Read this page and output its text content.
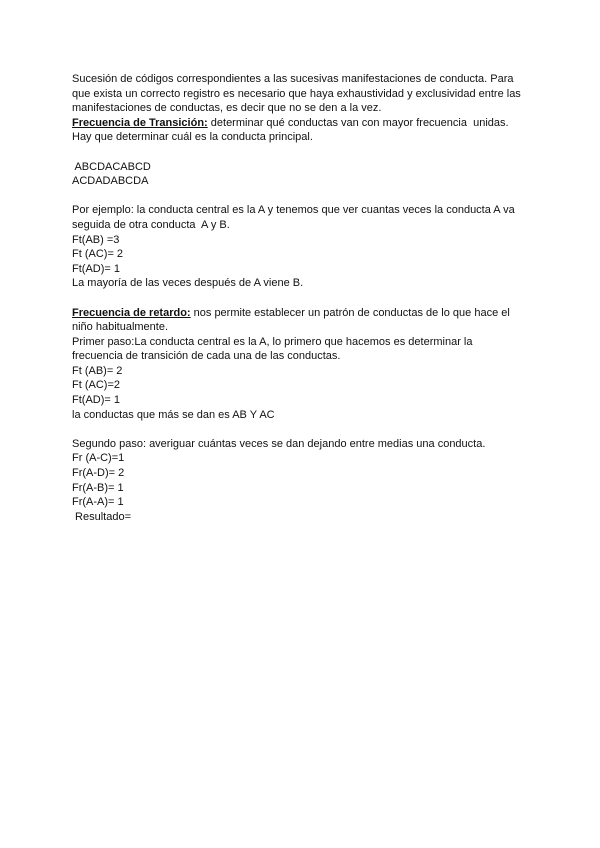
Sucesión de códigos correspondientes a las sucesivas manifestaciones de conducta. Para
que exista un correcto registro es necesario que haya exhaustividad y exclusividad entre las
manifestaciones de conductas, es decir que no se den a la vez.
Frecuencia de Transición: determinar qué conductas van con mayor frecuencia  unidas.
Hay que determinar cuál es la conducta principal.
ABCDACABCD
ACDADABCDA
Por ejemplo: la conducta central es la A y tenemos que ver cuantas veces la conducta A va
seguida de otra conducta  A y B.
Ft(AB) =3
Ft (AC)= 2
Ft(AD)= 1
La mayoría de las veces después de A viene B.
Frecuencia de retardo: nos permite establecer un patrón de conductas de lo que hace el
niño habitualmente.
Primer paso:La conducta central es la A, lo primero que hacemos es determinar la
frecuencia de transición de cada una de las conductas.
Ft (AB)= 2
Ft (AC)=2
Ft(AD)= 1
la conductas que más se dan es AB Y AC
Segundo paso: averiguar cuántas veces se dan dejando entre medias una conducta.
Fr (A-C)=1
Fr(A-D)= 2
Fr(A-B)= 1
Fr(A-A)= 1
Resultado=
